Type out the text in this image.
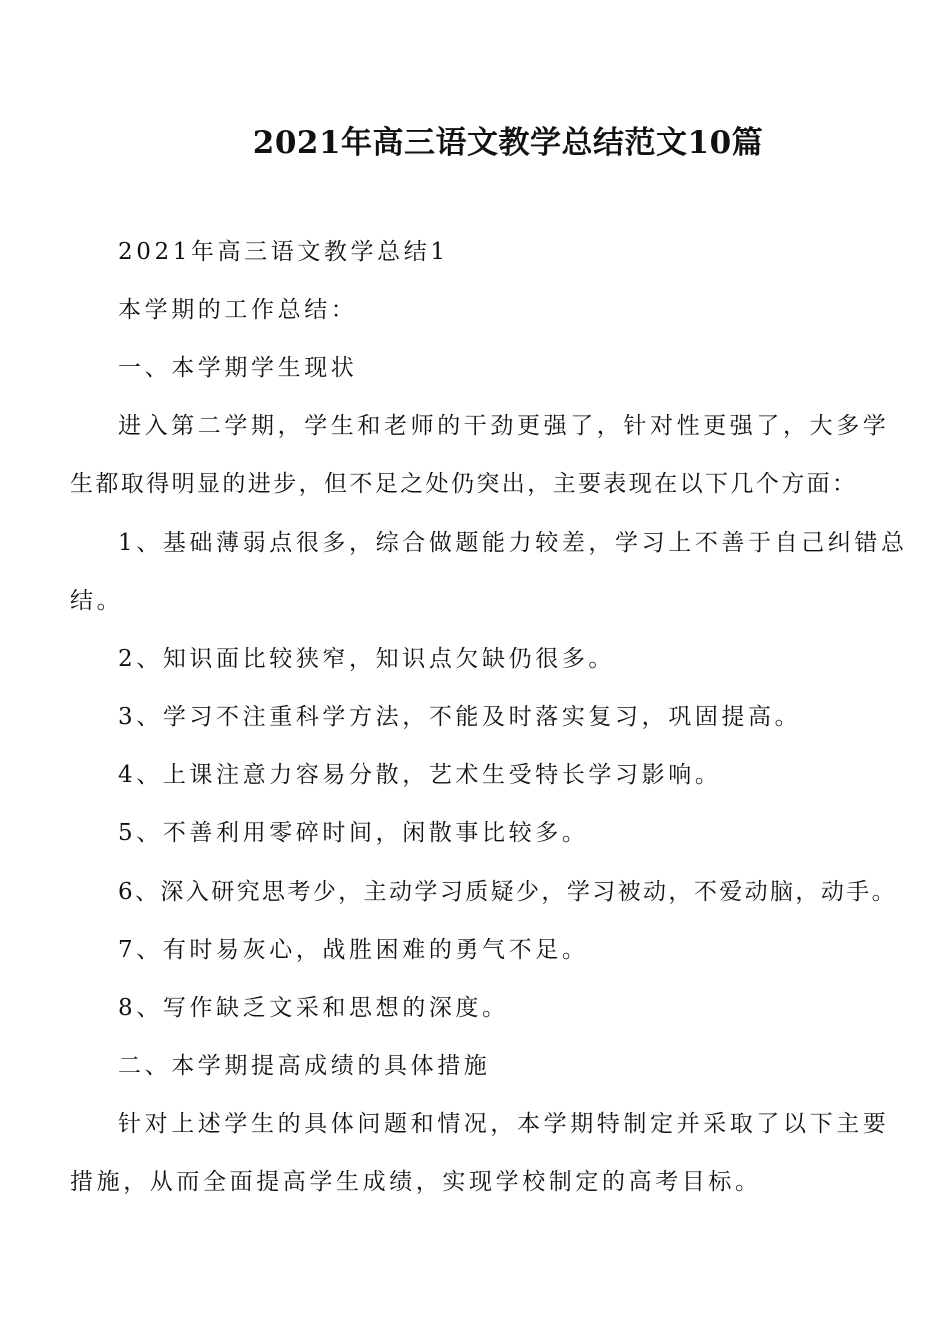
2021年高三语文教学总结范文10篇

2021年高三语文教学总结1

本学期的工作总结：

一、本学期学生现状

进入第二学期，学生和老师的干劲更强了，针对性更强了，大多学

生都取得明显的进步，但不足之处仍突出，主要表现在以下几个方面：

1、基础薄弱点很多，综合做题能力较差，学习上不善于自己纠错总

结。

2、知识面比较狭窄，知识点欠缺仍很多。

3、学习不注重科学方法，不能及时落实复习，巩固提高。

4、上课注意力容易分散，艺术生受特长学习影响。

5、不善利用零碎时间，闲散事比较多。

6、深入研究思考少，主动学习质疑少，学习被动，不爱动脑，动手。

7、有时易灰心，战胜困难的勇气不足。

8、写作缺乏文采和思想的深度。

二、本学期提高成绩的具体措施

针对上述学生的具体问题和情况，本学期特制定并采取了以下主要

措施，从而全面提高学生成绩，实现学校制定的高考目标。
